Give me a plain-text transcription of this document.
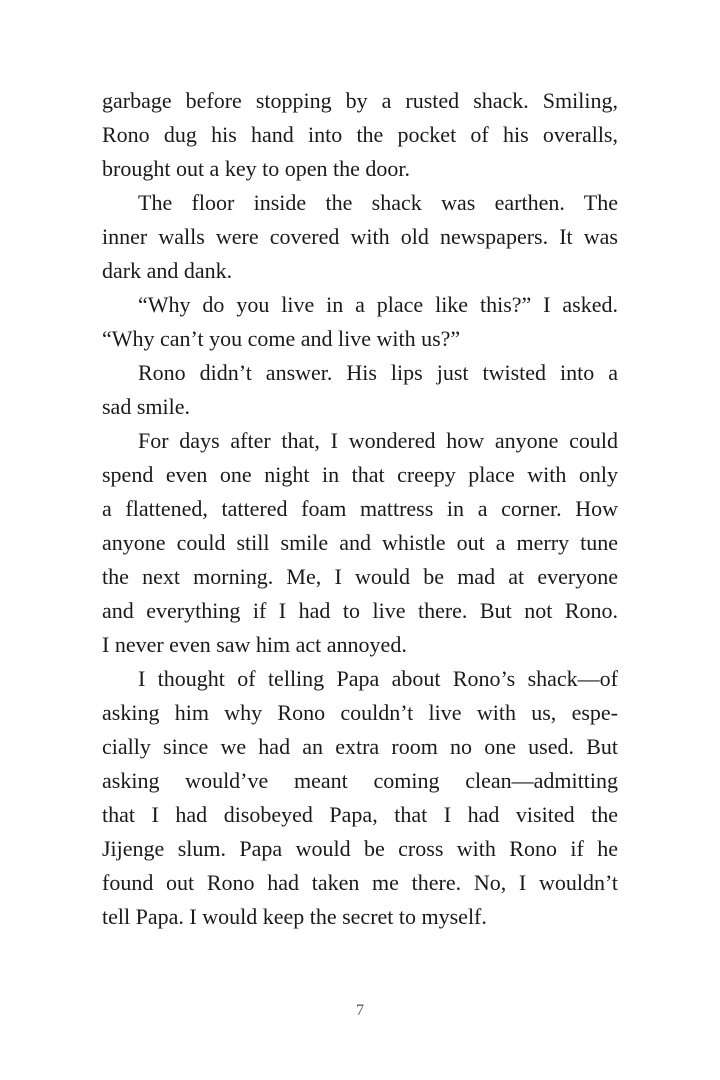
garbage before stopping by a rusted shack. Smiling,
Rono dug his hand into the pocket of his overalls,
brought out a key to open the door.
The floor inside the shack was earthen. The
inner walls were covered with old newspapers. It was
dark and dank.
“Why do you live in a place like this?” I asked.
“Why can’t you come and live with us?”
Rono didn’t answer. His lips just twisted into a
sad smile.
For days after that, I wondered how anyone could
spend even one night in that creepy place with only
a flattened, tattered foam mattress in a corner. How
anyone could still smile and whistle out a merry tune
the next morning. Me, I would be mad at everyone
and everything if I had to live there. But not Rono.
I never even saw him act annoyed.
I thought of telling Papa about Rono’s shack—of
asking him why Rono couldn’t live with us, espe-
cially since we had an extra room no one used. But
asking would’ve meant coming clean—admitting
that I had disobeyed Papa, that I had visited the
Jijenge slum. Papa would be cross with Rono if he
found out Rono had taken me there. No, I wouldn’t
tell Papa. I would keep the secret to myself.
7
